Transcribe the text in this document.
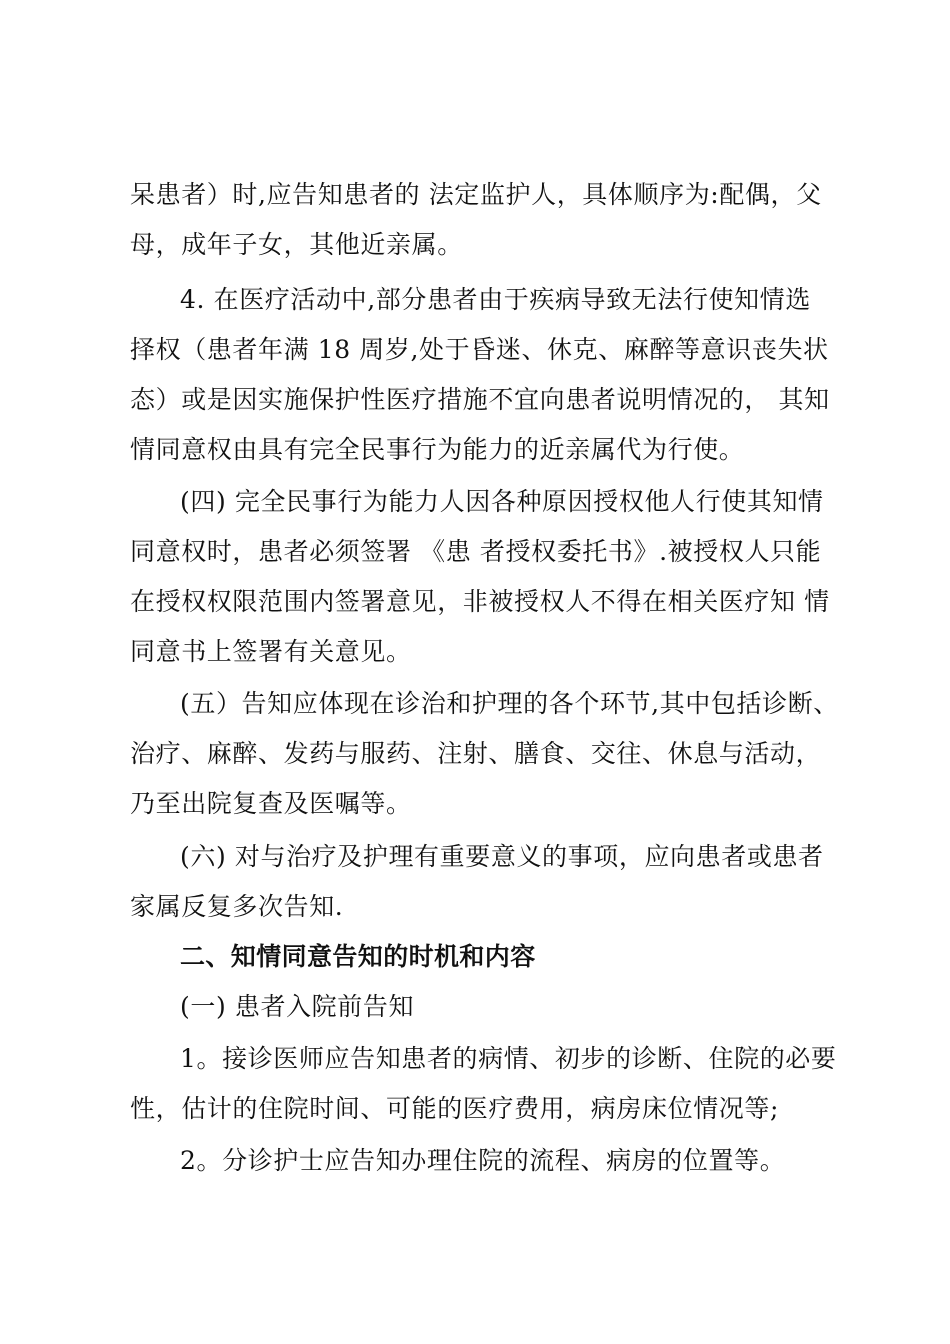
呆患者）时,应告知患者的 法定监护人，具体顺序为:配偶，父
母，成年子女，其他近亲属。
4. 在医疗活动中,部分患者由于疾病导致无法行使知情选
择权（患者年满 18 周岁,处于昏迷、休克、麻醉等意识丧失状
态）或是因实施保护性医疗措施不宜向患者说明情况的， 其知
情同意权由具有完全民事行为能力的近亲属代为行使。
(四) 完全民事行为能力人因各种原因授权他人行使其知情
同意权时，患者必须签署 《患 者授权委托书》.被授权人只能
在授权权限范围内签署意见，非被授权人不得在相关医疗知 情
同意书上签署有关意见。
(五）告知应体现在诊治和护理的各个环节,其中包括诊断、
治疗、麻醉、发药与服药、注射、膳食、交往、休息与活动，
乃至出院复查及医嘱等。
(六) 对与治疗及护理有重要意义的事项，应向患者或患者
家属反复多次告知.
二、知情同意告知的时机和内容
(一) 患者入院前告知
1。接诊医师应告知患者的病情、初步的诊断、住院的必要
性，估计的住院时间、可能的医疗费用，病房床位情况等;
2。分诊护士应告知办理住院的流程、病房的位置等。
